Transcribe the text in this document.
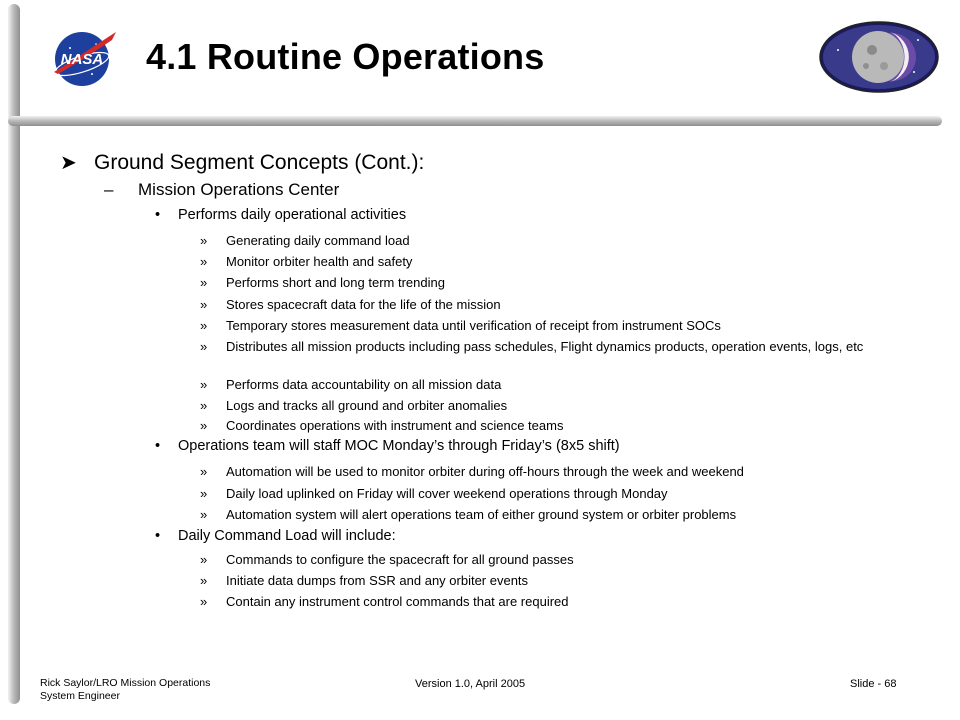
NASA 4.1 Routine Operations
➤ Ground Segment Concepts (Cont.):
– Mission Operations Center
• Performs daily operational activities
» Generating daily command load
» Monitor orbiter health and safety
» Performs short and long term trending
» Stores spacecraft data for the life of the mission
» Temporary stores measurement data until verification of receipt from instrument SOCs
» Distributes all mission products including pass schedules, Flight dynamics products, operation events, logs, etc
» Performs data accountability on all mission data
» Logs and tracks all ground and orbiter anomalies
» Coordinates operations with instrument and science teams
• Operations team will staff MOC Monday’s through Friday’s (8x5 shift)
» Automation will be used to monitor orbiter during off-hours through the week and weekend
» Daily load uplinked on Friday will cover weekend operations through Monday
» Automation system will alert operations team of either ground system or orbiter problems
• Daily Command Load will include:
» Commands to configure the spacecraft for all ground passes
» Initiate data dumps from SSR and any orbiter events
» Contain any instrument control commands that are required
Rick Saylor/LRO Mission Operations
System Engineer
Version 1.0, April 2005	Slide - 68
